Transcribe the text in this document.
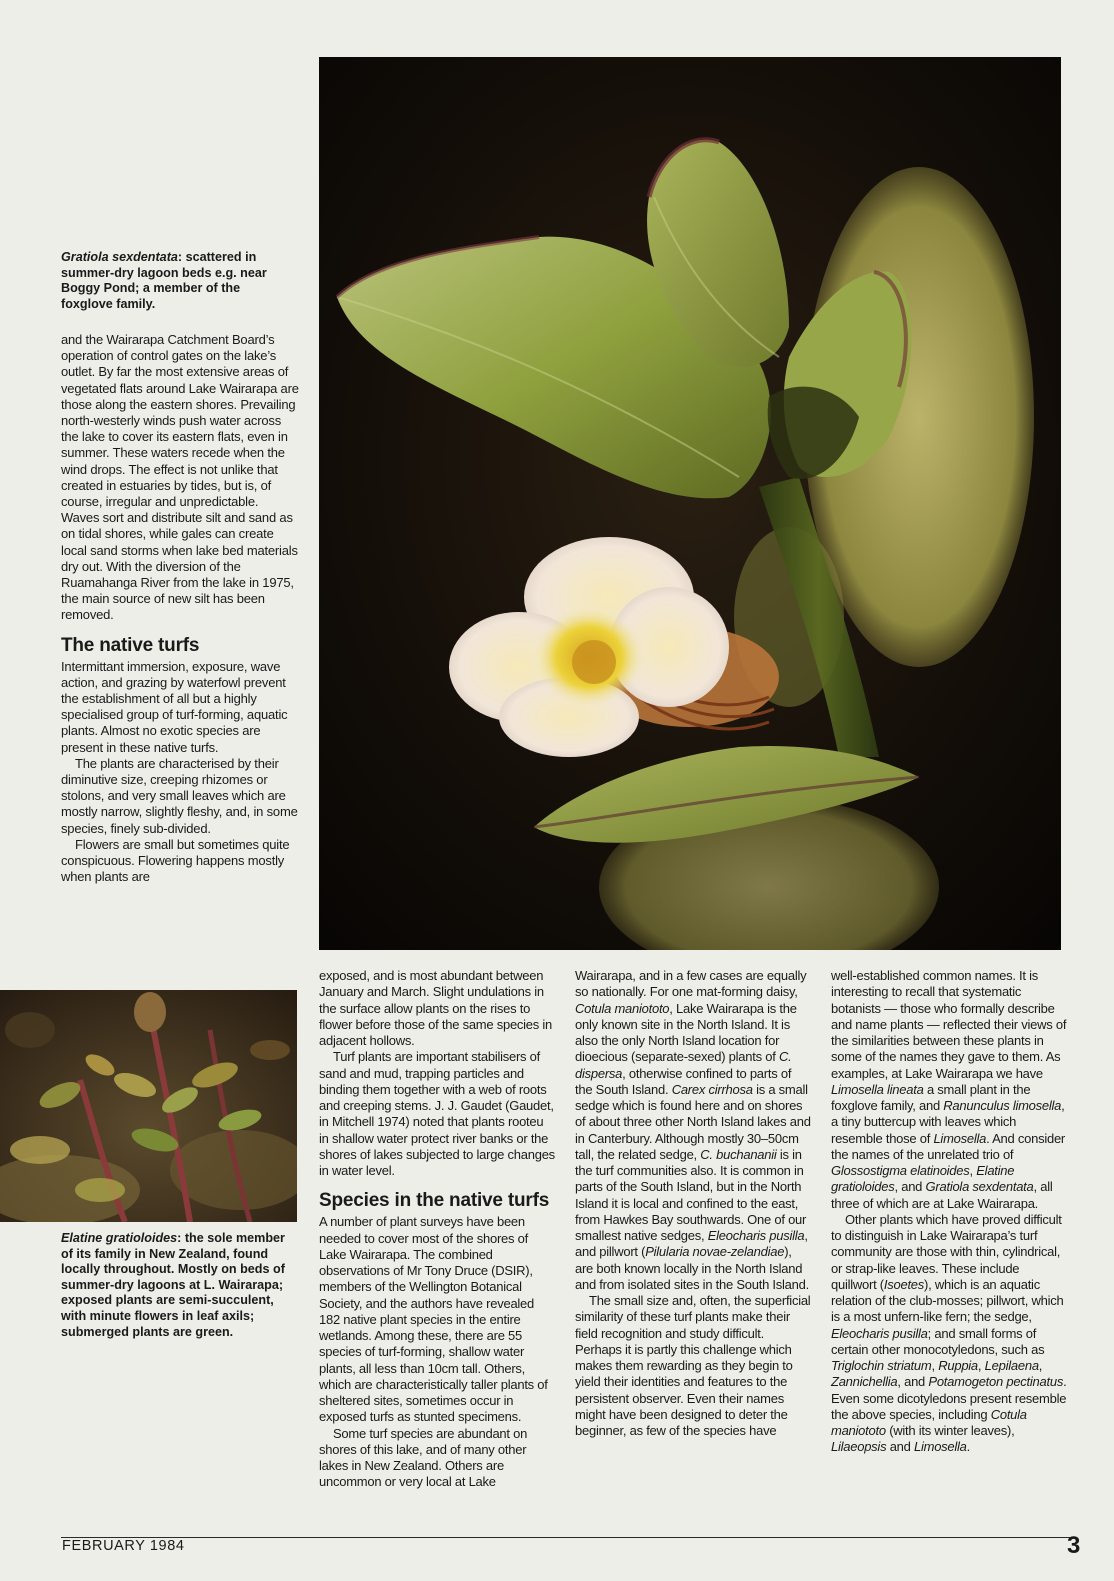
Gratiola sexdentata: scattered in summer-dry lagoon beds e.g. near Boggy Pond; a member of the foxglove family.

and the Wairarapa Catchment Board’s operation of control gates on the lake’s outlet. By far the most extensive areas of vegetated flats around Lake Wairarapa are those along the eastern shores. Prevailing north-westerly winds push water across the lake to cover its eastern flats, even in summer. These waters recede when the wind drops. The effect is not unlike that created in estuaries by tides, but is, of course, irregular and unpredictable. Waves sort and distribute silt and sand as on tidal shores, while gales can create local sand storms when lake bed materials dry out. With the diversion of the Ruamahanga River from the lake in 1975, the main source of new silt has been removed.

The native turfs

Intermittant immersion, exposure, wave action, and grazing by waterfowl prevent the establishment of all but a highly specialised group of turf-forming, aquatic plants. Almost no exotic species are present in these native turfs.

The plants are characterised by their diminutive size, creeping rhizomes or stolons, and very small leaves which are mostly narrow, slightly fleshy, and, in some species, finely sub-divided.

Flowers are small but sometimes quite conspicuous. Flowering happens mostly when plants are

Elatine gratioloides: the sole member of its family in New Zealand, found locally throughout. Mostly on beds of summer-dry lagoons at L. Wairarapa; exposed plants are semi-succulent, with minute flowers in leaf axils; submerged plants are green.

exposed, and is most abundant between January and March. Slight undulations in the surface allow plants on the rises to flower before those of the same species in adjacent hollows.

Turf plants are important stabilisers of sand and mud, trapping particles and binding them together with a web of roots and creeping stems. J. J. Gaudet (Gaudet, in Mitchell 1974) noted that plants rooteu in shallow water protect river banks or the shores of lakes subjected to large changes in water level.

Species in the native turfs

A number of plant surveys have been needed to cover most of the shores of Lake Wairarapa. The combined observations of Mr Tony Druce (DSIR), members of the Wellington Botanical Society, and the authors have revealed 182 native plant species in the entire wetlands. Among these, there are 55 species of turf-forming, shallow water plants, all less than 10cm tall. Others, which are characteristically taller plants of sheltered sites, sometimes occur in exposed turfs as stunted specimens.

Some turf species are abundant on shores of this lake, and of many other lakes in New Zealand. Others are uncommon or very local at Lake

Wairarapa, and in a few cases are equally so nationally. For one mat-forming daisy, Cotula maniototo, Lake Wairarapa is the only known site in the North Island. It is also the only North Island location for dioecious (separate-sexed) plants of C. dispersa, otherwise confined to parts of the South Island. Carex cirrhosa is a small sedge which is found here and on shores of about three other North Island lakes and in Canterbury. Although mostly 30–50cm tall, the related sedge, C. buchananii is in the turf communities also. It is common in parts of the South Island, but in the North Island it is local and confined to the east, from Hawkes Bay southwards. One of our smallest native sedges, Eleocharis pusilla, and pillwort (Pilularia novae-zelandiae), are both known locally in the North Island and from isolated sites in the South Island.

The small size and, often, the superficial similarity of these turf plants make their field recognition and study difficult. Perhaps it is partly this challenge which makes them rewarding as they begin to yield their identities and features to the persistent observer. Even their names might have been designed to deter the beginner, as few of the species have

well-established common names. It is interesting to recall that systematic botanists — those who formally describe and name plants — reflected their views of the similarities between these plants in some of the names they gave to them. As examples, at Lake Wairarapa we have Limosella lineata a small plant in the foxglove family, and Ranunculus limosella, a tiny buttercup with leaves which resemble those of Limosella. And consider the names of the unrelated trio of Glossostigma elatinoides, Elatine gratioloides, and Gratiola sexdentata, all three of which are at Lake Wairarapa.

Other plants which have proved difficult to distinguish in Lake Wairarapa’s turf community are those with thin, cylindrical, or strap-like leaves. These include quillwort (Isoetes), which is an aquatic relation of the club-mosses; pillwort, which is a most unfern-like fern; the sedge, Eleocharis pusilla; and small forms of certain other monocotyledons, such as Triglochin striatum, Ruppia, Lepilaena, Zannichellia, and Potamogeton pectinatus. Even some dicotyledons present resemble the above species, including Cotula maniototo (with its winter leaves), Lilaeopsis and Limosella.

FEBRUARY 1984	3
